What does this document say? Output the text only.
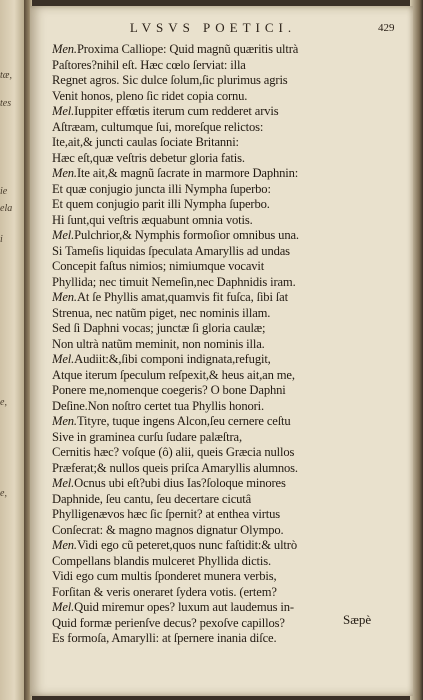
tæ,
tes
ie
ela
i
e,
e,
LVSVS POETICI.	429
Men.Proxima Calliope: Quid magnũ quæritis ultrà
Paſtores?nihil eſt. Hæc cœlo ſerviat: illa
Regnet agros. Sic dulce ſolum,ſic plurimus agris
Venit honos, pleno ſic ridet copia cornu.
Mel.Iuppiter effœtis iterum cum redderet arvis
Aſtræam, cultumque ſui, moreſque relictos:
Ite,ait,& juncti caulas ſociate Britanni:
Hæc eſt,quæ veſtris debetur gloria fatis.
Men.Ite ait,& magnũ ſacrate in marmore Daphnin:
Et quæ conjugio juncta illi Nympha ſuperbo:
Et quem conjugio parit illi Nympha ſuperbo.
Hi ſunt,qui veſtris æquabunt omnia votis.
Mel.Pulchrior,& Nymphis formoſior omnibus una.
Si Tameſis liquidas ſpeculata Amaryllis ad undas
Concepit faſtus nimios; nimiumque vocavit
Phyllida; nec timuit Nemeſin,nec Daphnidis iram.
Men.At ſe Phyllis amat,quamvis fit fuſca, ſibi ſat
Strenua, nec natũm piget, nec nominis illam.
Sed ſi Daphni vocas; junctæ ſi gloria caulæ;
Non ultrà natũm meminit, non nominis illa.
Mel.Audiit:&,ſibi componi indignata,refugit,
Atque iterum ſpeculum reſpexit,& heus ait,an me,
Ponere me,nomenque coegeris? O bone Daphni
Deſine.Non noſtro certet tua Phyllis honori.
Men.Tityre, tuque ingens Alcon,ſeu cernere ceſtu
Sive in graminea curſu ſudare palæſtra,
Cernitis hæc? voſque (ô) alii, queis Græcia nullos
Præferat;& nullos queis priſca Amaryllis alumnos.
Mel.Ocnus ubi eſt?ubi dius Ias?ſoloque minores
Daphnide, ſeu cantu, ſeu decertare cicutâ
Phylligenævos hæc ſic ſpernit? at enthea virtus
Conſecrat: & magno magnos dignatur Olympo.
Men.Vidi ego cũ peteret,quos nunc faſtidit:& ultrò
Compellans blandis mulceret Phyllida dictis.
Vidi ego cum multis ſponderet munera verbis,
Forſitan & veris oneraret ſydera votis. (ertem?
Mel.Quid miremur opes? luxum aut laudemus in-
Quid formæ perienſve decus? pexoſve capillos?
Es formoſa, Amarylli: at ſpernere inania diſce.
Sæpè
